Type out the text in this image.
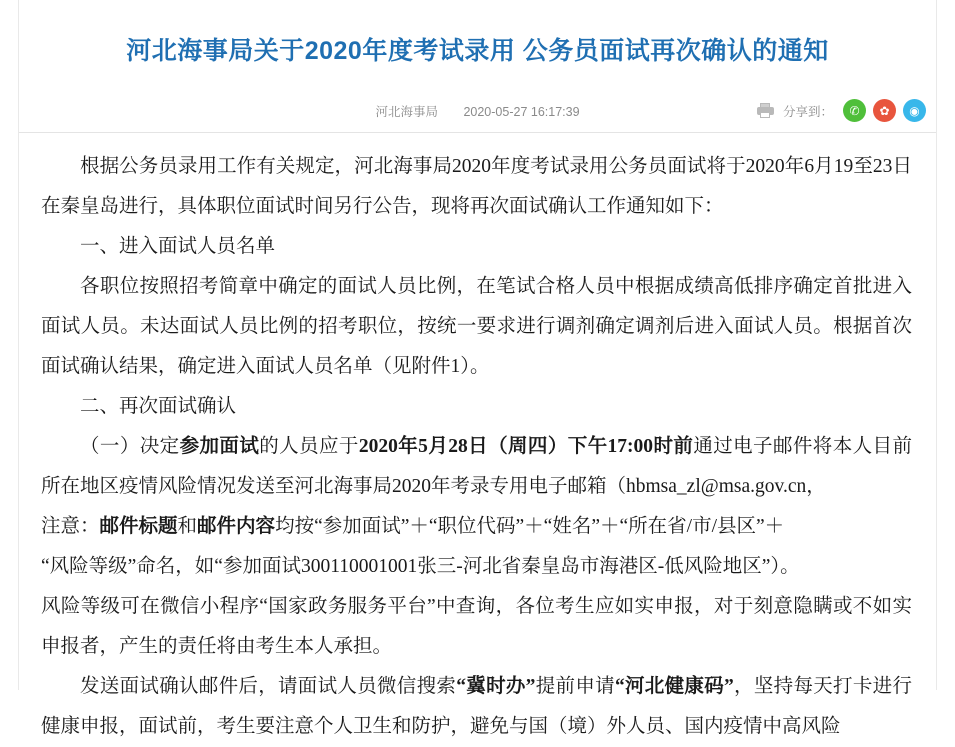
河北海事局关于2020年度考试录用 公务员面试再次确认的通知
河北海事局 2020-05-27 16:17:39	分享到：	✆	✿	◉

根据公务员录用工作有关规定，河北海事局2020年度考试录用公务员面试将于2020年6月19至23日在秦皇岛进行，具体职位面试时间另行公告，现将再次面试确认工作通知如下：

一、进入面试人员名单

各职位按照招考简章中确定的面试人员比例，在笔试合格人员中根据成绩高低排序确定首批进入面试人员。未达面试人员比例的招考职位，按统一要求进行调剂确定调剂后进入面试人员。根据首次面试确认结果，确定进入面试人员名单（见附件1）。

二、再次面试确认

（一）决定参加面试的人员应于2020年5月28日（周四）下午17:00时前通过电子邮件将本人目前所在地区疫情风险情况发送至河北海事局2020年考录专用电子邮箱（hbmsa_zl@msa.gov.cn，

注意：邮件标题和邮件内容均按“参加面试”＋“职位代码”＋“姓名”＋“所在省/市/县区”＋

“风险等级”命名，如“参加面试300110001001张三-河北省秦皇岛市海港区-低风险地区”）。

风险等级可在微信小程序“国家政务服务平台”中查询，各位考生应如实申报，对于刻意隐瞒或不如实申报者，产生的责任将由考生本人承担。

发送面试确认邮件后，请面试人员微信搜索“冀时办”提前申请“河北健康码”，坚持每天打卡进行健康申报，面试前，考生要注意个人卫生和防护，避免与国（境）外人员、国内疫情中高风险
